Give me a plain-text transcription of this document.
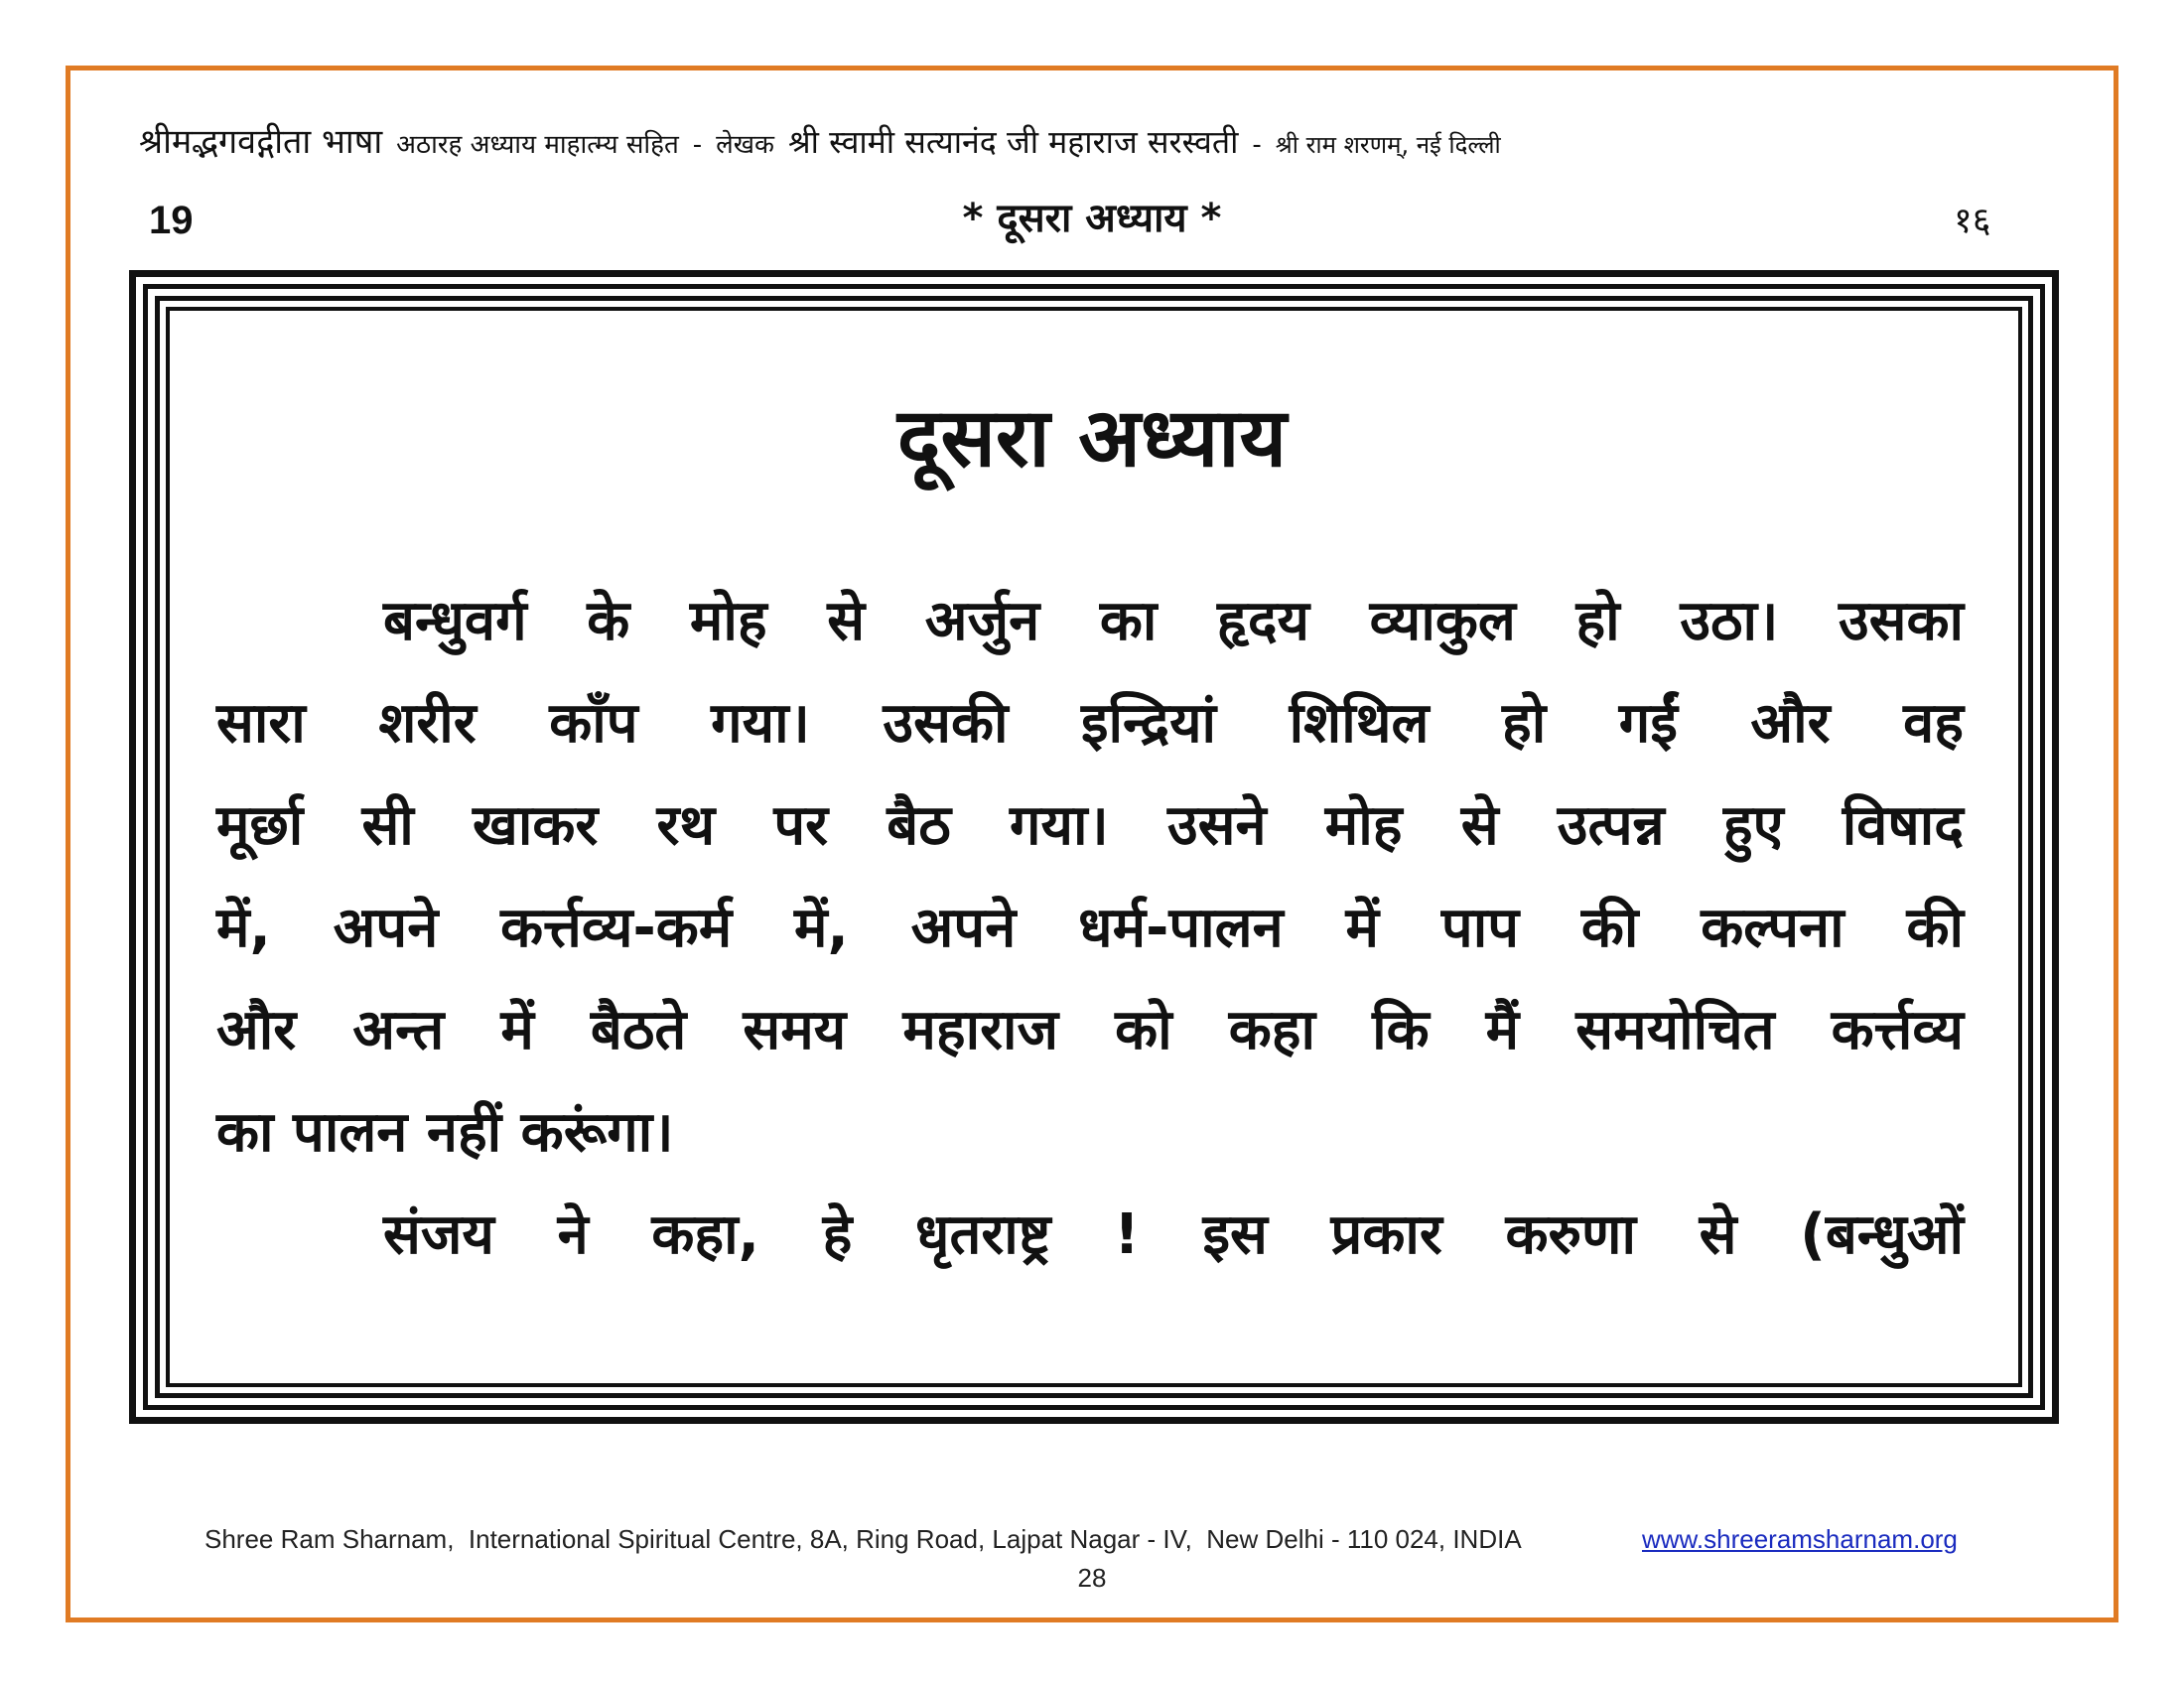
श्रीमद्भगवद्गीता भाषा अठारह अध्याय माहात्म्य सहित - लेखक श्री स्वामी सत्यानंद जी महाराज सरस्वती - श्री राम शरणम्, नई दिल्ली
19	* दूसरा अध्याय *	१६
दूसरा अध्याय

बन्धुवर्ग के मोह से अर्जुन का हृदय व्याकुल हो उठा। उसका

सारा शरीर काँप गया। उसकी इन्द्रियां शिथिल हो गईं और वह

मूर्छा सी खाकर रथ पर बैठ गया। उसने मोह से उत्पन्न हुए विषाद

में, अपने कर्त्तव्य-कर्म में, अपने धर्म-पालन में पाप की कल्पना की

और अन्त में बैठते समय महाराज को कहा कि मैं समयोचित कर्त्तव्य

का पालन नहीं करूंगा।

संजय ने कहा, हे धृतराष्ट्र ! इस प्रकार करुणा से (बन्धुओं

Shree Ram Sharnam,  International Spiritual Centre, 8A, Ring Road, Lajpat Nagar - IV,  New Delhi - 110 024, INDIA	www.shreeramsharnam.org
28
